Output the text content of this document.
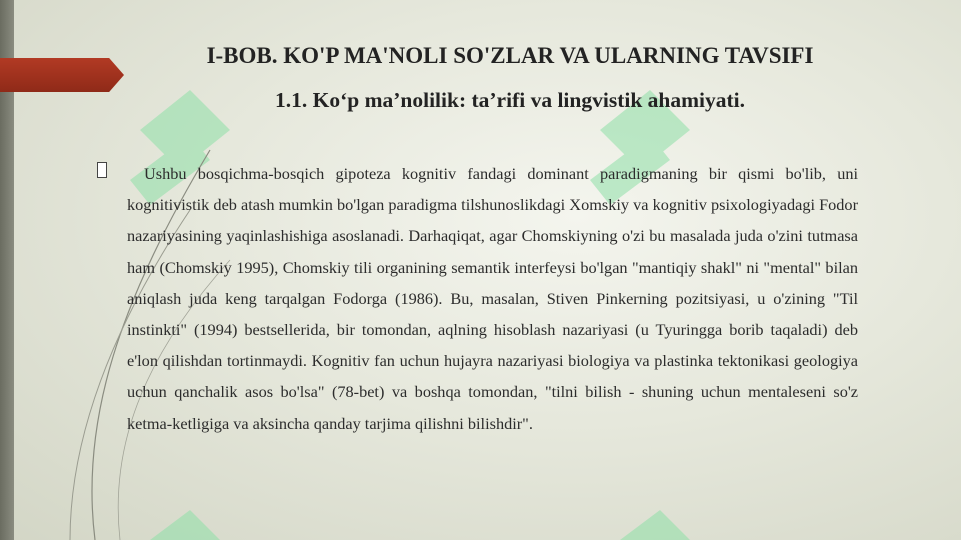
I-BOB. KO'P MA'NOLI SO'ZLAR VA ULARNING TAVSIFI
1.1. Ko‘p ma’nolilik: ta’rifi va lingvistik ahamiyati.

Ushbu bosqichma-bosqich gipoteza kognitiv fandagi dominant paradigmaning bir qismi bo'lib, uni kognitivistik deb atash mumkin bo'lgan paradigma tilshunoslikdagi Xomskiy va kognitiv psixologiyadagi Fodor nazariyasining yaqinlashishiga asoslanadi. Darhaqiqat, agar Chomskiyning o'zi bu masalada juda o'zini tutmasa ham (Chomskiy 1995), Chomskiy tili organining semantik interfeysi bo'lgan "mantiqiy shakl" ni "mental" bilan aniqlash juda keng tarqalgan Fodorga (1986). Bu, masalan, Stiven Pinkerning pozitsiyasi, u o'zining "Til instinkti" (1994) bestsellerida, bir tomondan, aqlning hisoblash nazariyasi (u Tyuringga borib taqaladi) deb e'lon qilishdan tortinmaydi. Kognitiv fan uchun hujayra nazariyasi biologiya va plastinka tektonikasi geologiya uchun qanchalik asos bo'lsa" (78-bet) va boshqa tomondan, "tilni bilish - shuning uchun mentaleseni so'z ketma-ketligiga va aksincha qanday tarjima qilishni bilishdir".
